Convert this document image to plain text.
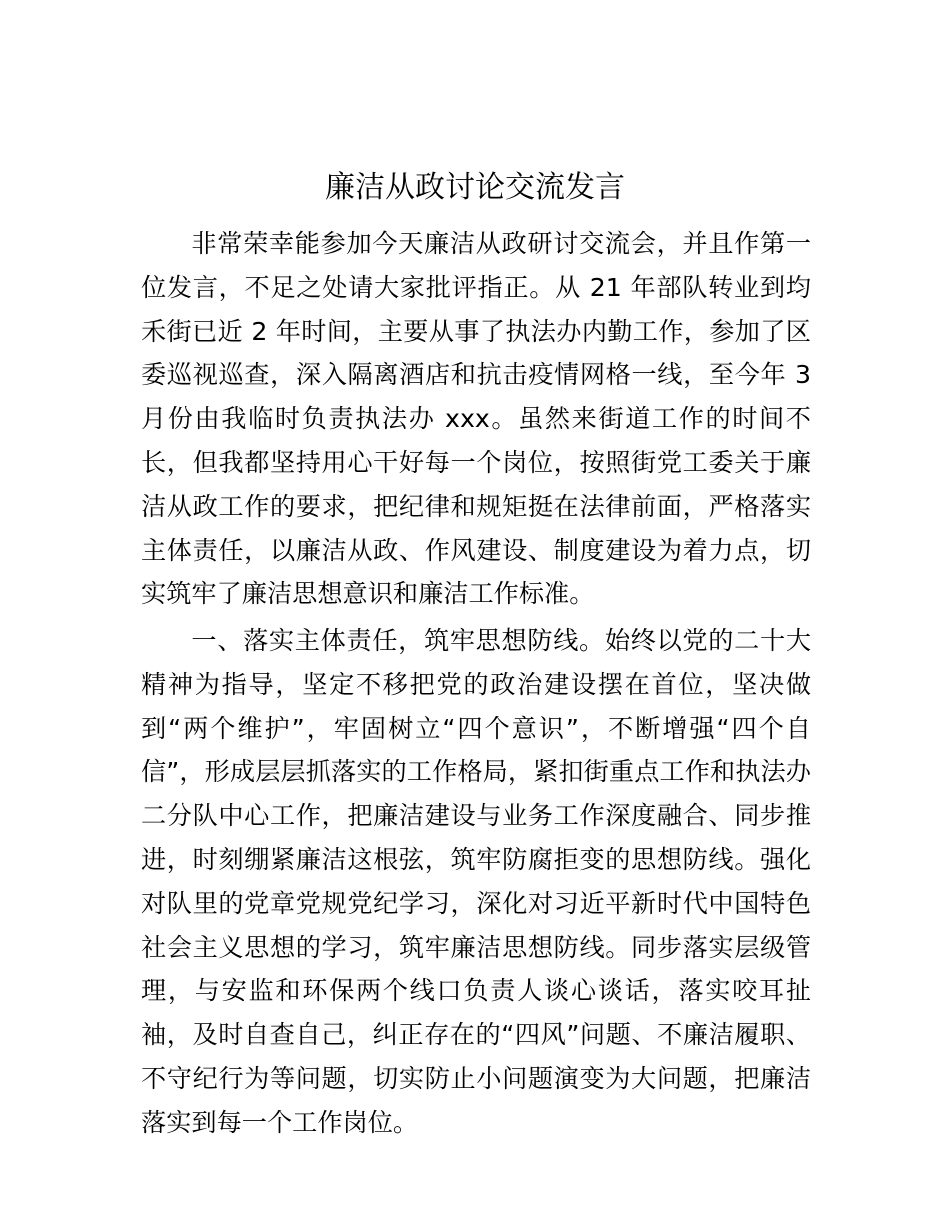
廉洁从政讨论交流发言

非常荣幸能参加今天廉洁从政研讨交流会，并且作第一位发言，不足之处请大家批评指正。从 21 年部队转业到均禾街已近 2 年时间，主要从事了执法办内勤工作，参加了区委巡视巡查，深入隔离酒店和抗击疫情网格一线，至今年 3 月份由我临时负责执法办 xxx。虽然来街道工作的时间不长，但我都坚持用心干好每一个岗位，按照街党工委关于廉洁从政工作的要求，把纪律和规矩挺在法律前面，严格落实主体责任，以廉洁从政、作风建设、制度建设为着力点，切实筑牢了廉洁思想意识和廉洁工作标准。

一、落实主体责任，筑牢思想防线。始终以党的二十大精神为指导，坚定不移把党的政治建设摆在首位，坚决做到“两个维护”，牢固树立“四个意识”，不断增强“四个自信”，形成层层抓落实的工作格局，紧扣街重点工作和执法办二分队中心工作，把廉洁建设与业务工作深度融合、同步推进，时刻绷紧廉洁这根弦，筑牢防腐拒变的思想防线。强化对队里的党章党规党纪学习，深化对习近平新时代中国特色社会主义思想的学习，筑牢廉洁思想防线。同步落实层级管理，与安监和环保两个线口负责人谈心谈话，落实咬耳扯袖，及时自查自己，纠正存在的“四风”问题、不廉洁履职、不守纪行为等问题，切实防止小问题演变为大问题，把廉洁落实到每一个工作岗位。
